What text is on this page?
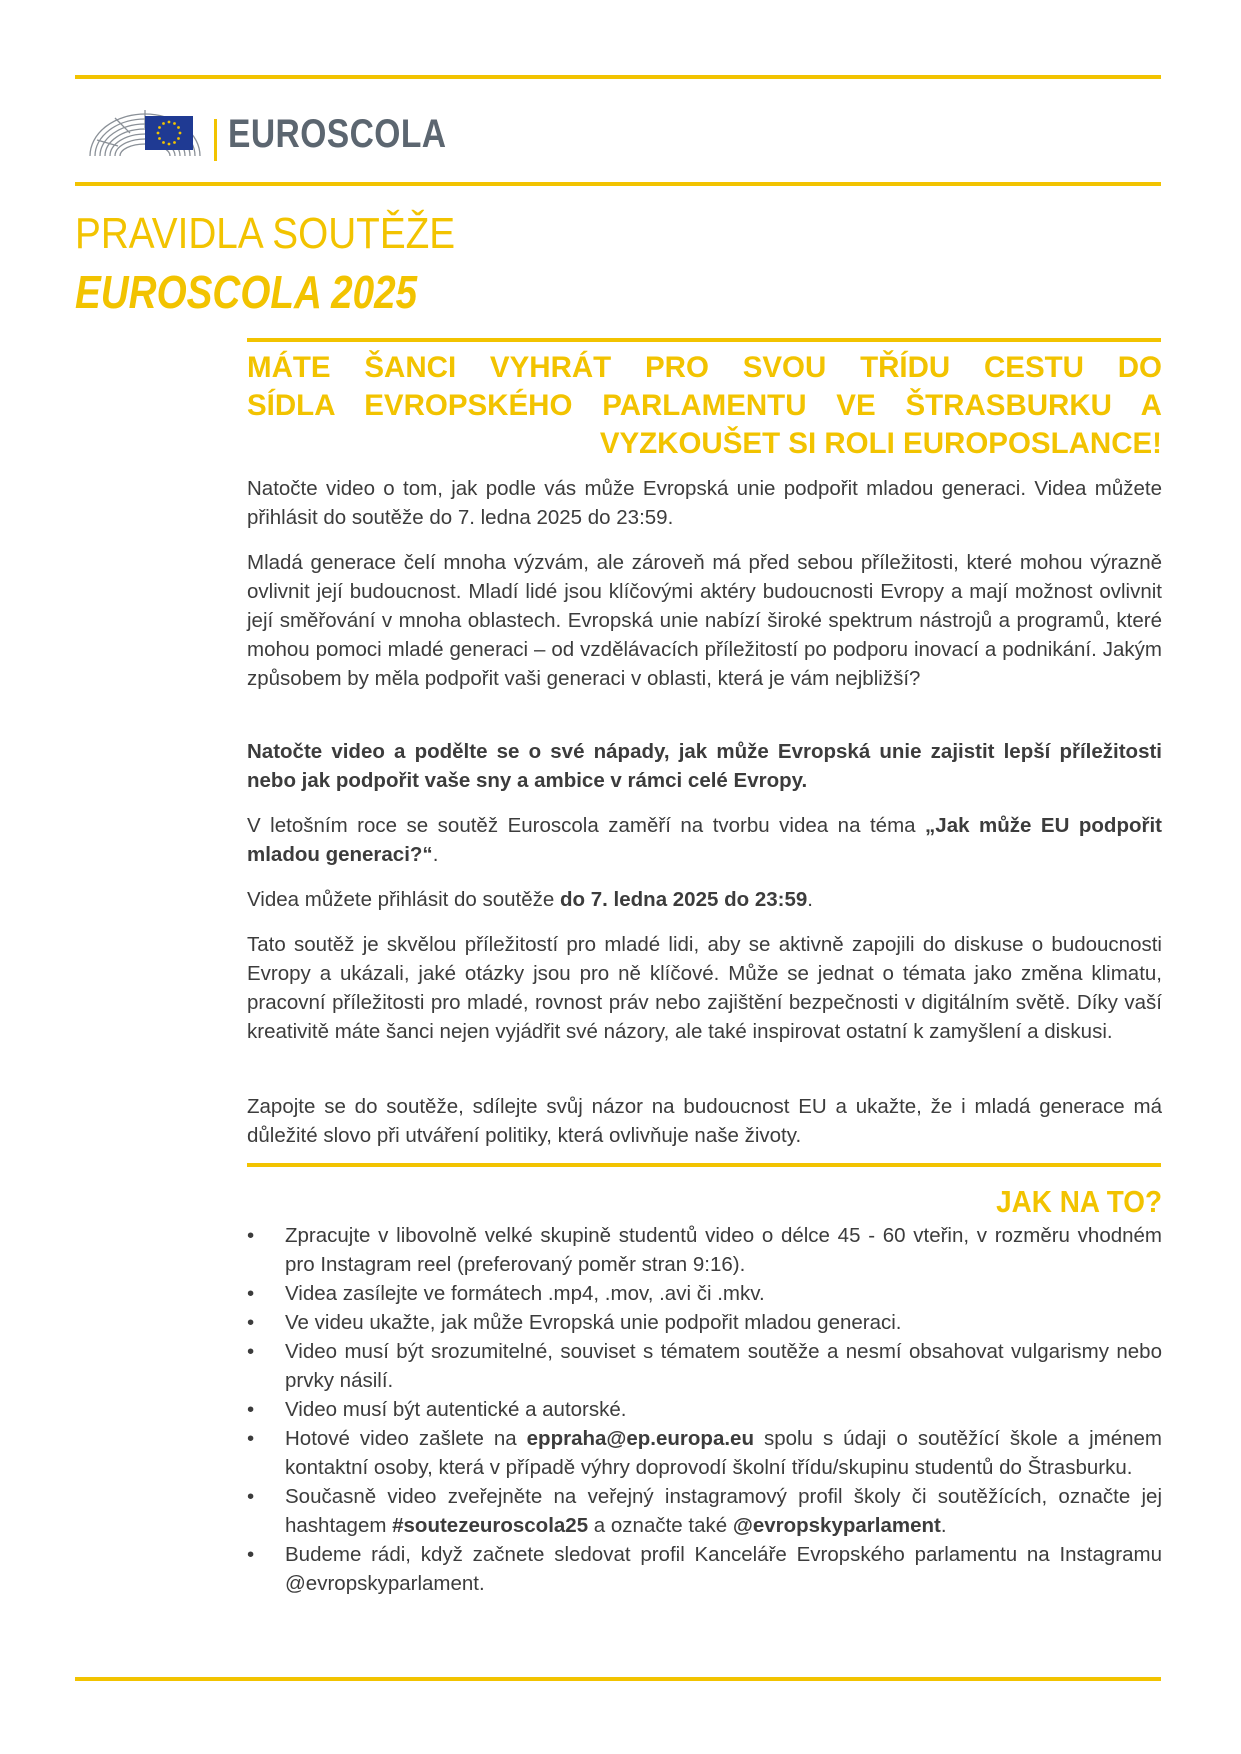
EUROSCOLA
PRAVIDLA SOUTĚŽE
EUROSCOLA 2025
MÁTE ŠANCI VYHRÁT PRO SVOU TŘÍDU CESTU DO
SÍDLA EVROPSKÉHO PARLAMENTU VE ŠTRASBURKU A
VYZKOUŠET SI ROLI EUROPOSLANCE!

Natočte video o tom, jak podle vás může Evropská unie podpořit mladou generaci. Videa můžete přihlásit do soutěže do 7. ledna 2025 do 23:59.

Mladá generace čelí mnoha výzvám, ale zároveň má před sebou příležitosti, které mohou výrazně ovlivnit její budoucnost. Mladí lidé jsou klíčovými aktéry budoucnosti Evropy a mají možnost ovlivnit její směřování v mnoha oblastech. Evropská unie nabízí široké spektrum nástrojů a programů, které mohou pomoci mladé generaci – od vzdělávacích příležitostí po podporu inovací a podnikání. Jakým způsobem by měla podpořit vaši generaci v oblasti, která je vám nejbližší?

Natočte video a podělte se o své nápady, jak může Evropská unie zajistit lepší příležitosti nebo jak podpořit vaše sny a ambice v rámci celé Evropy.

V letošním roce se soutěž Euroscola zaměří na tvorbu videa na téma „Jak může EU podpořit mladou generaci?“.

Videa můžete přihlásit do soutěže do 7. ledna 2025 do 23:59.

Tato soutěž je skvělou příležitostí pro mladé lidi, aby se aktivně zapojili do diskuse o budoucnosti Evropy a ukázali, jaké otázky jsou pro ně klíčové. Může se jednat o témata jako změna klimatu, pracovní příležitosti pro mladé, rovnost práv nebo zajištění bezpečnosti v digitálním světě. Díky vaší kreativitě máte šanci nejen vyjádřit své názory, ale také inspirovat ostatní k zamyšlení a diskusi.

Zapojte se do soutěže, sdílejte svůj názor na budoucnost EU a ukažte, že i mladá generace má důležité slovo při utváření politiky, která ovlivňuje naše životy.

JAK NA TO?
• Zpracujte v libovolně velké skupině studentů video o délce 45 - 60 vteřin, v rozměru vhodném pro Instagram reel (preferovaný poměr stran 9:16).
• Videa zasílejte ve formátech .mp4, .mov, .avi či .mkv.
• Ve videu ukažte, jak může Evropská unie podpořit mladou generaci.
• Video musí být srozumitelné, souviset s tématem soutěže a nesmí obsahovat vulgarismy nebo prvky násilí.
• Video musí být autentické a autorské.
• Hotové video zašlete na eppraha@ep.europa.eu spolu s údaji o soutěžící škole a jménem kontaktní osoby, která v případě výhry doprovodí školní třídu/skupinu studentů do Štrasburku.
• Současně video zveřejněte na veřejný instagramový profil školy či soutěžících, označte jej hashtagem #soutezeuroscola25 a označte také @evropskyparlament.
• Budeme rádi, když začnete sledovat profil Kanceláře Evropského parlamentu na Instagramu @evropskyparlament.
